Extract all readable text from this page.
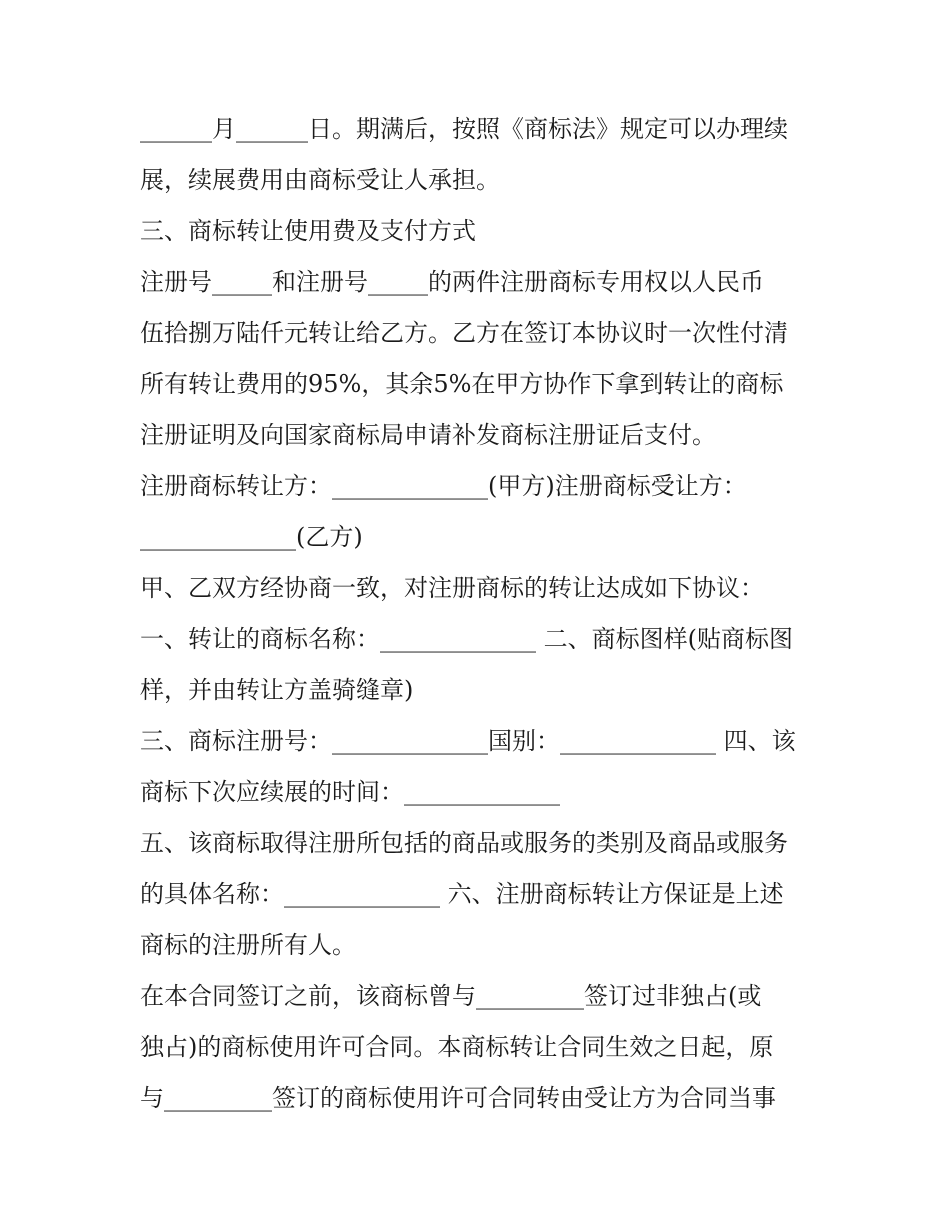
______月______日。期满后，按照《商标法》规定可以办理续
展，续展费用由商标受让人承担。
三、商标转让使用费及支付方式
注册号_____和注册号_____的两件注册商标专用权以人民币
伍拾捌万陆仟元转让给乙方。乙方在签订本协议时一次性付清
所有转让费用的95%，其余5%在甲方协作下拿到转让的商标
注册证明及向国家商标局申请补发商标注册证后支付。
注册商标转让方：_____________(甲方)注册商标受让方：
_____________(乙方)
甲、乙双方经协商一致，对注册商标的转让达成如下协议：
一、转让的商标名称：_____________ 二、商标图样(贴商标图
样，并由转让方盖骑缝章)
三、商标注册号：_____________国别：_____________ 四、该
商标下次应续展的时间：_____________
五、该商标取得注册所包括的商品或服务的类别及商品或服务
的具体名称：_____________ 六、注册商标转让方保证是上述
商标的注册所有人。
在本合同签订之前，该商标曾与_________签订过非独占(或
独占)的商标使用许可合同。本商标转让合同生效之日起，原
与_________签订的商标使用许可合同转由受让方为合同当事
